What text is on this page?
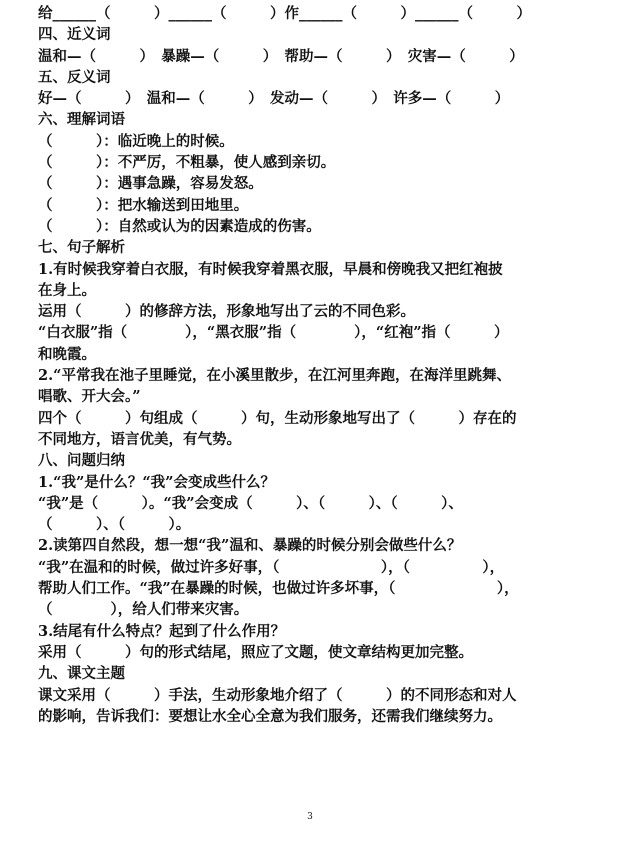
给______（　　　）______（　　　）作______（　　　）______（　　　）
四、近义词
温和—（　　　）　暴躁—（　　　）　帮助—（　　　）　灾害—（　　　）
五、反义词
好—（　　　）　温和—（　　　）　发动—（　　　）　许多—（　　　）
六、理解词语
（　　　）：临近晚上的时候。
（　　　）：不严厉，不粗暴，使人感到亲切。
（　　　）：遇事急躁，容易发怒。
（　　　）：把水输送到田地里。
（　　　）：自然或认为的因素造成的伤害。
七、句子解析
1.有时候我穿着白衣服，有时候我穿着黑衣服，早晨和傍晚我又把红袍披
在身上。
运用（　　　）的修辞方法，形象地写出了云的不同色彩。
“白衣服”指（　　　　），“黑衣服”指（　　　　），“红袍”指（　　　）
和晚霞。
2.“平常我在池子里睡觉，在小溪里散步，在江河里奔跑，在海洋里跳舞、
唱歌、开大会。”
四个（　　　）句组成（　　　）句，生动形象地写出了（　　　）存在的
不同地方，语言优美，有气势。
八、问题归纳
1.“我”是什么？“我”会变成些什么？
“我”是（　　　）。“我”会变成（　　　）、（　　　）、（　　　）、
（　　　）、（　　　）。
2.读第四自然段，想一想“我”温和、暴躁的时候分别会做些什么？
“我”在温和的时候，做过许多好事，（　　　　　　　），（　　　　　），
帮助人们工作。“我”在暴躁的时候，也做过许多坏事，（　　　　　　　），
（　　　　），给人们带来灾害。
3.结尾有什么特点？起到了什么作用？
采用（　　　）句的形式结尾，照应了文题，使文章结构更加完整。
九、课文主题
课文采用（　　　）手法，生动形象地介绍了（　　　）的不同形态和对人
的影响，告诉我们：要想让水全心全意为我们服务，还需我们继续努力。
3
